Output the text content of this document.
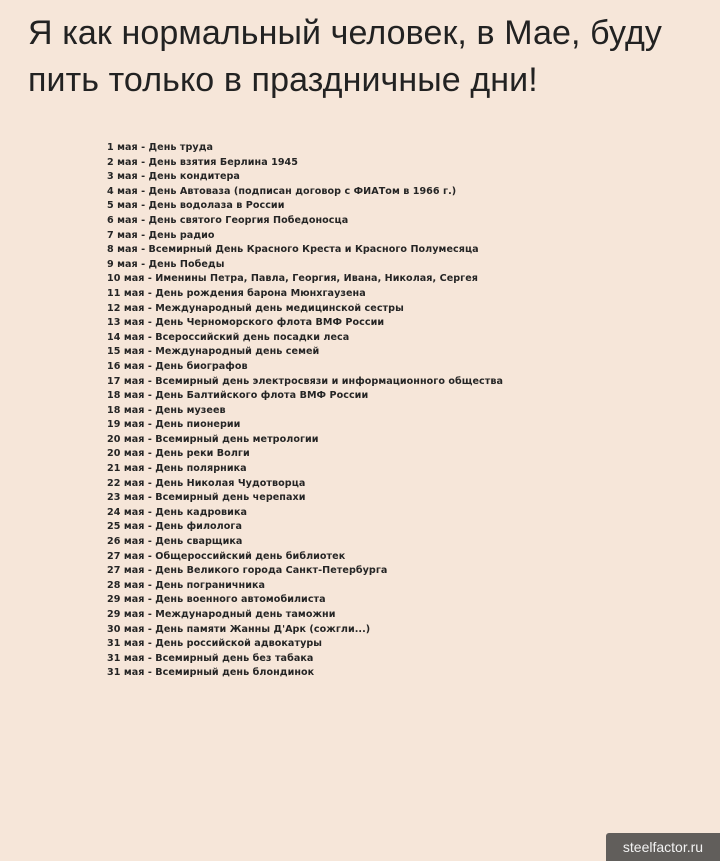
Я как нормальный человек, в Мае, буду пить только в праздничные дни!
1 мая - День труда
2 мая - День взятия Берлина 1945
3 мая - День кондитера
4 мая - День Автоваза (подписан договор с ФИАТом в 1966 г.)
5 мая - День водолаза в России
6 мая - День святого Георгия Победоносца
7 мая - День радио
8 мая - Всемирный День Красного Креста и Красного Полумесяца
9 мая - День Победы
10 мая - Именины Петра, Павла, Георгия, Ивана, Николая, Сергея
11 мая - День рождения барона Мюнхгаузена
12 мая - Международный день медицинской сестры
13 мая - День Черноморского флота ВМФ России
14 мая - Всероссийский день посадки леса
15 мая - Международный день семей
16 мая - День биографов
17 мая - Всемирный день электросвязи и информационного общества
18 мая - День Балтийского флота ВМФ России
18 мая - День музеев
19 мая - День пионерии
20 мая - Всемирный день метрологии
20 мая - День реки Волги
21 мая - День полярника
22 мая - День Николая Чудотворца
23 мая - Всемирный день черепахи
24 мая - День кадровика
25 мая - День филолога
26 мая - День сварщика
27 мая - Общероссийский день библиотек
27 мая - День Великого города Санкт-Петербурга
28 мая - День пограничника
29 мая - День военного автомобилиста
29 мая - Международный день таможни
30 мая - День памяти Жанны Д'Арк (сожгли...)
31 мая - День российской адвокатуры
31 мая - Всемирный день без табака
31 мая - Всемирный день блондинок
steelfactor.ru
